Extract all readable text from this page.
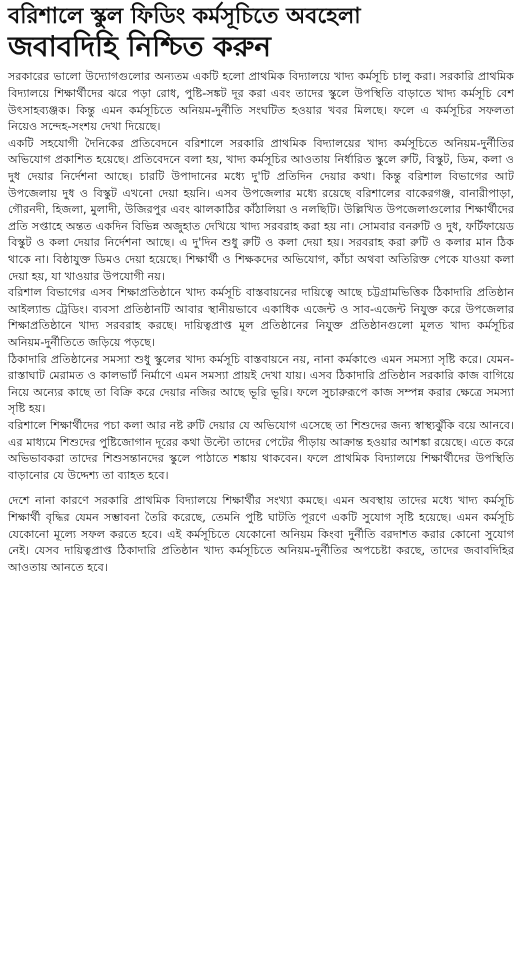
বরিশালে স্কুল ফিডিং কর্মসূচিতে অবহেলা
জবাবদিহি নিশ্চিত করুন

সরকারের ভালো উদ্যোগগুলোর অন্যতম একটি হলো প্রাথমিক বিদ্যালয়ে খাদ্য কর্মসূচি চালু করা। সরকারি প্রাথমিক বিদ্যালয়ে শিক্ষার্থীদের ঝরে পড়া রোধ, পুষ্টি-সঙ্কট দূর করা এবং তাদের স্কুলে উপস্থিতি বাড়াতে খাদ্য কর্মসূচি বেশ উৎসাহব্যঞ্জক। কিন্তু এমন কর্মসূচিতে অনিয়ম-দুর্নীতি সংঘটিত হওয়ার খবর মিলছে। ফলে এ কর্মসূচির সফলতা নিয়েও সন্দেহ-সংশয় দেখা দিয়েছে।

একটি সহযোগী দৈনিকের প্রতিবেদনে বরিশালে সরকারি প্রাথমিক বিদ্যালয়ের খাদ্য কর্মসূচিতে অনিয়ম-দুর্নীতির অভিযোগ প্রকাশিত হয়েছে। প্রতিবেদনে বলা হয়, খাদ্য কর্মসূচির আওতায় নির্ধারিত স্কুলে রুটি, বিস্কুট, ডিম, কলা ও দুধ দেয়ার নির্দেশনা আছে। চারটি উপাদানের মধ্যে দু'টি প্রতিদিন দেয়ার কথা। কিন্তু বরিশাল বিভাগের আট উপজেলায় দুধ ও বিস্কুট এখনো দেয়া হয়নি। এসব উপজেলার মধ্যে রয়েছে বরিশালের বাকেরগঞ্জ, বানারীপাড়া, গৌরনদী, হিজলা, মুলাদী, উজিরপুর এবং ঝালকাঠির কাঁঠালিয়া ও নলছিটি। উল্লিখিত উপজেলাগুলোর শিক্ষার্থীদের প্রতি সপ্তাহে অন্তত একদিন বিভিন্ন অজুহাত দেখিয়ে খাদ্য সরবরাহ করা হয় না। সোমবার বনরুটি ও দুধ, ফর্টিফায়েড বিস্কুট ও কলা দেয়ার নির্দেশনা আছে। এ দু'দিন শুধু রুটি ও কলা দেয়া হয়। সরবরাহ করা রুটি ও কলার মান ঠিক থাকে না। বিষ্ঠাযুক্ত ডিমও দেয়া হয়েছে। শিক্ষার্থী ও শিক্ষকদের অভিযোগ, কাঁচা অথবা অতিরিক্ত পেকে যাওয়া কলা দেয়া হয়, যা খাওয়ার উপযোগী নয়।

বরিশাল বিভাগের এসব শিক্ষাপ্রতিষ্ঠানে খাদ্য কর্মসূচি বাস্তবায়নের দায়িত্বে আছে চট্টগ্রামভিত্তিক ঠিকাদারি প্রতিষ্ঠান আইল্যান্ড ট্রেডিং। ব্যবসা প্রতিষ্ঠানটি আবার স্থানীয়ভাবে একাধিক এজেন্ট ও সাব-এজেন্ট নিযুক্ত করে উপজেলার শিক্ষাপ্রতিষ্ঠানে খাদ্য সরবরাহ করছে। দায়িত্বপ্রাপ্ত মূল প্রতিষ্ঠানের নিযুক্ত প্রতিষ্ঠানগুলো মূলত খাদ্য কর্মসূচির অনিয়ম-দুর্নীতিতে জড়িয়ে পড়ছে।

ঠিকাদারি প্রতিষ্ঠানের সমস্যা শুধু স্কুলের খাদ্য কর্মসূচি বাস্তবায়নে নয়, নানা কর্মকাণ্ডে এমন সমস্যা সৃষ্টি করে। যেমন- রাস্তাঘাট মেরামত ও কালভার্ট নির্মাণে এমন সমস্যা প্রায়ই দেখা যায়। এসব ঠিকাদারি প্রতিষ্ঠান সরকারি কাজ বাগিয়ে নিয়ে অন্যের কাছে তা বিক্রি করে দেয়ার নজির আছে ভূরি ভূরি। ফলে সুচারুরূপে কাজ সম্পন্ন করার ক্ষেত্রে সমস্যা সৃষ্টি হয়।

বরিশালে শিক্ষার্থীদের পচা কলা আর নষ্ট রুটি দেয়ার যে অভিযোগ এসেছে তা শিশুদের জন্য স্বাস্থ্যঝুঁকি বয়ে আনবে। এর মাধ্যমে শিশুদের পুষ্টিজোগান দূরের কথা উল্টো তাদের পেটের পীড়ায় আক্রান্ত হওয়ার আশঙ্কা রয়েছে। এতে করে অভিভাবকরা তাদের শিশুসন্তানদের স্কুলে পাঠাতে শঙ্কায় থাকবেন। ফলে প্রাথমিক বিদ্যালয়ে শিক্ষার্থীদের উপস্থিতি বাড়ানোর যে উদ্দেশ্য তা ব্যাহত হবে।

দেশে নানা কারণে সরকারি প্রাথমিক বিদ্যালয়ে শিক্ষার্থীর সংখ্যা কমছে। এমন অবস্থায় তাদের মধ্যে খাদ্য কর্মসূচি শিক্ষার্থী বৃদ্ধির যেমন সম্ভাবনা তৈরি করেছে, তেমনি পুষ্টি ঘাটতি পূরণে একটি সুযোগ সৃষ্টি হয়েছে। এমন কর্মসূচি যেকোনো মূল্যে সফল করতে হবে। এই কর্মসূচিতে যেকোনো অনিয়ম কিংবা দুর্নীতি বরদাশত করার কোনো সুযোগ নেই। যেসব দায়িত্বপ্রাপ্ত ঠিকাদারি প্রতিষ্ঠান খাদ্য কর্মসূচিতে অনিয়ম-দুর্নীতির অপচেষ্টা করছে, তাদের জবাবদিহির আওতায় আনতে হবে।
